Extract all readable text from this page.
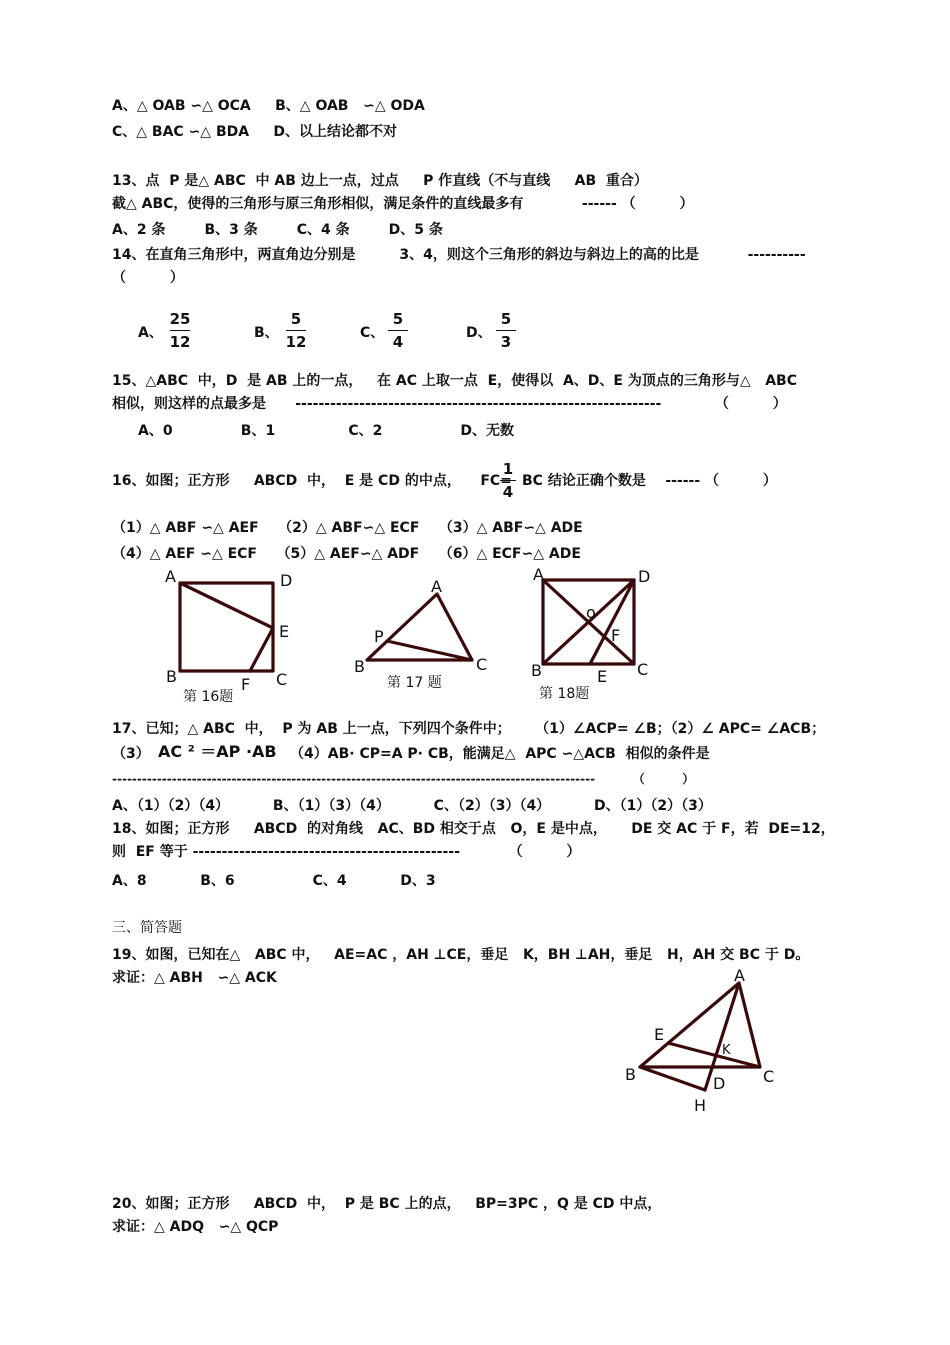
A、△ OAB ∽△ OCA     B、△ OAB   ∽△ ODA
C、△ BAC ∽△ BDA     D、以上结论都不对
13、点  P 是△ ABC  中 AB 边上一点，过点     P 作直线（不与直线     AB  重合）
截△ ABC，使得的三角形与原三角形相似，满足条件的直线最多有            ------ （         ）
A、2 条        B、3 条        C、4 条        D、5 条
14、在直角三角形中，两直角边分别是         3、4，则这个三角形的斜边与斜边上的高的比是          ----------
（         ）
A、
25
12	B、
5
12	C、
5
4	D、
5
3
15、△ABC  中，D  是 AB 上的一点，   在 AC 上取一点  E，使得以  A、D、E 为顶点的三角形与△   ABC
相似，则这样的点最多是      ---------------------------------------------------------------           （         ）
A、0              B、1               C、2                D、无数
16、如图；正方形     ABCD  中，  E 是 CD 的中点，    FC=
1
4
BC 结论正确个数是    ------ （         ）
（1）△ ABF ∽△ AEF    （2）△ ABF∽△ ECF    （3）△ ABF∽△ ADE
（4）△ AEF ∽△ ECF    （5）△ AEF∽△ ADF    （6）△ ECF∽△ ADE
A	D
E
B	F C
A
P
B	C
A	D
o
F
B	E C
A
E
K
B	C
D
H
第 16题
第 17 题
第 18题
17、已知；△ ABC  中，  P 为 AB 上一点，下列四个条件中；     （1）∠ACP= ∠B；（2）∠ APC= ∠ACB；
（3） AC ² ＝AP ·AB （4）AB· CP=A P· CB，能满足△  APC ∽△ACB  相似的条件是
-------------------------------------------------------------------------------------------------         （         ）
A、（1）（2）（4）         B、（1）（3）（4）         C、（2）（3）（4）         D、（1）（2）（3）
18、如图；正方形     ABCD  的对角线   AC、BD 相交于点   O，E 是中点，     DE 交 AC 于 F，若  DE=12，
则  EF 等于 ----------------------------------------------          （         ）
A、8           B、6                C、4           D、3
三、简答题
19、如图，已知在△   ABC 中，   AE=AC ，AH ⊥CE，垂足   K，BH ⊥AH，垂足   H，AH 交 BC 于 D。
求证：△ ABH   ∽△ ACK
20、如图；正方形     ABCD  中，  P 是 BC 上的点，   BP=3PC ，Q 是 CD 中点，
求证：△ ADQ   ∽△ QCP
